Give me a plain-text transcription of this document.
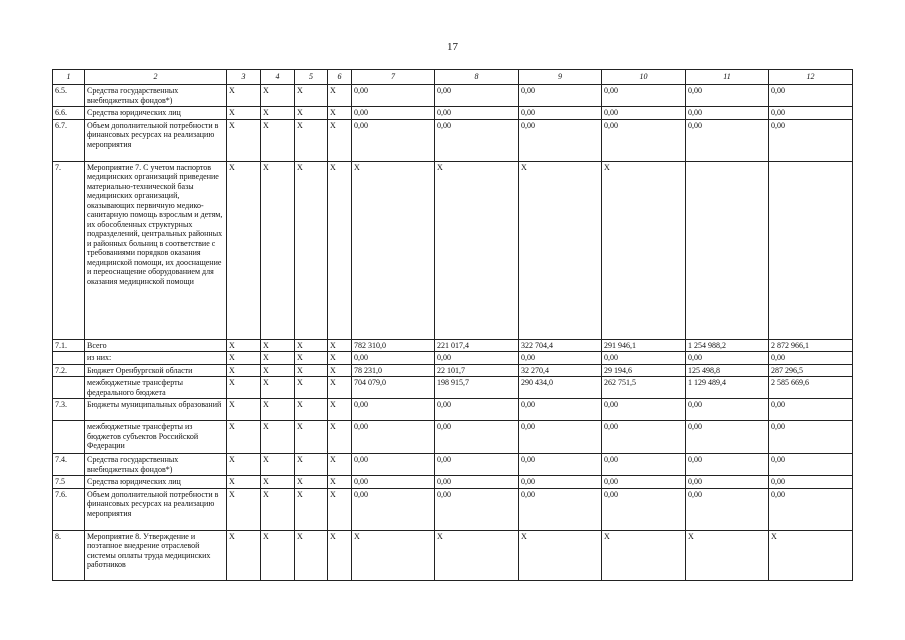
17
1	2	3	4	5	6	7	8	9	10	11	12
6.5.	Средства государственных внебюджетных фондов*)	X	X	X	X	0,00	0,00	0,00	0,00	0,00	0,00
6.6.	Средства юридических лиц	X	X	X	X	0,00	0,00	0,00	0,00	0,00	0,00
6.7.	Объем дополнительной потребности в финансовых ресурсах на реализацию мероприятия	X	X	X	X	0,00	0,00	0,00	0,00	0,00	0,00
7.	Мероприятие 7. С учетом паспортов медицинских организаций приведение материально-технической базы медицинских организаций, оказывающих первичную медико-санитарную помощь взрослым и детям, их обособленных структурных подразделений, центральных районных и районных больниц в соответствие с требованиями порядков оказания медицинской помощи, их дооснащение и переоснащение оборудованием для оказания медицинской помощи	X	X	X	X	X	X	X	X		
7.1.	Всего	X	X	X	X	782 310,0	221 017,4	322 704,4	291 946,1	1 254 988,2	2 872 966,1
	из них:	X	X	X	X	0,00	0,00	0,00	0,00	0,00	0,00
7.2.	Бюджет Оренбургской области	X	X	X	X	78 231,0	22 101,7	32 270,4	29 194,6	125 498,8	287 296,5
	межбюджетные трансферты федерального бюджета	X	X	X	X	704 079,0	198 915,7	290 434,0	262 751,5	1 129 489,4	2 585 669,6
7.3.	Бюджеты муниципальных образований	X	X	X	X	0,00	0,00	0,00	0,00	0,00	0,00
	межбюджетные трансферты из бюджетов субъектов Российской Федерации	X	X	X	X	0,00	0,00	0,00	0,00	0,00	0,00
7.4.	Средства государственных внебюджетных фондов*)	X	X	X	X	0,00	0,00	0,00	0,00	0,00	0,00
7.5	Средства юридических лиц	X	X	X	X	0,00	0,00	0,00	0,00	0,00	0,00
7.6.	Объем дополнительной потребности в финансовых ресурсах на реализацию мероприятия	X	X	X	X	0,00	0,00	0,00	0,00	0,00	0,00
8.	Мероприятие 8. Утверждение и поэтапное внедрение отраслевой системы оплаты труда медицинских работников	X	X	X	X	X	X	X	X	X	X
